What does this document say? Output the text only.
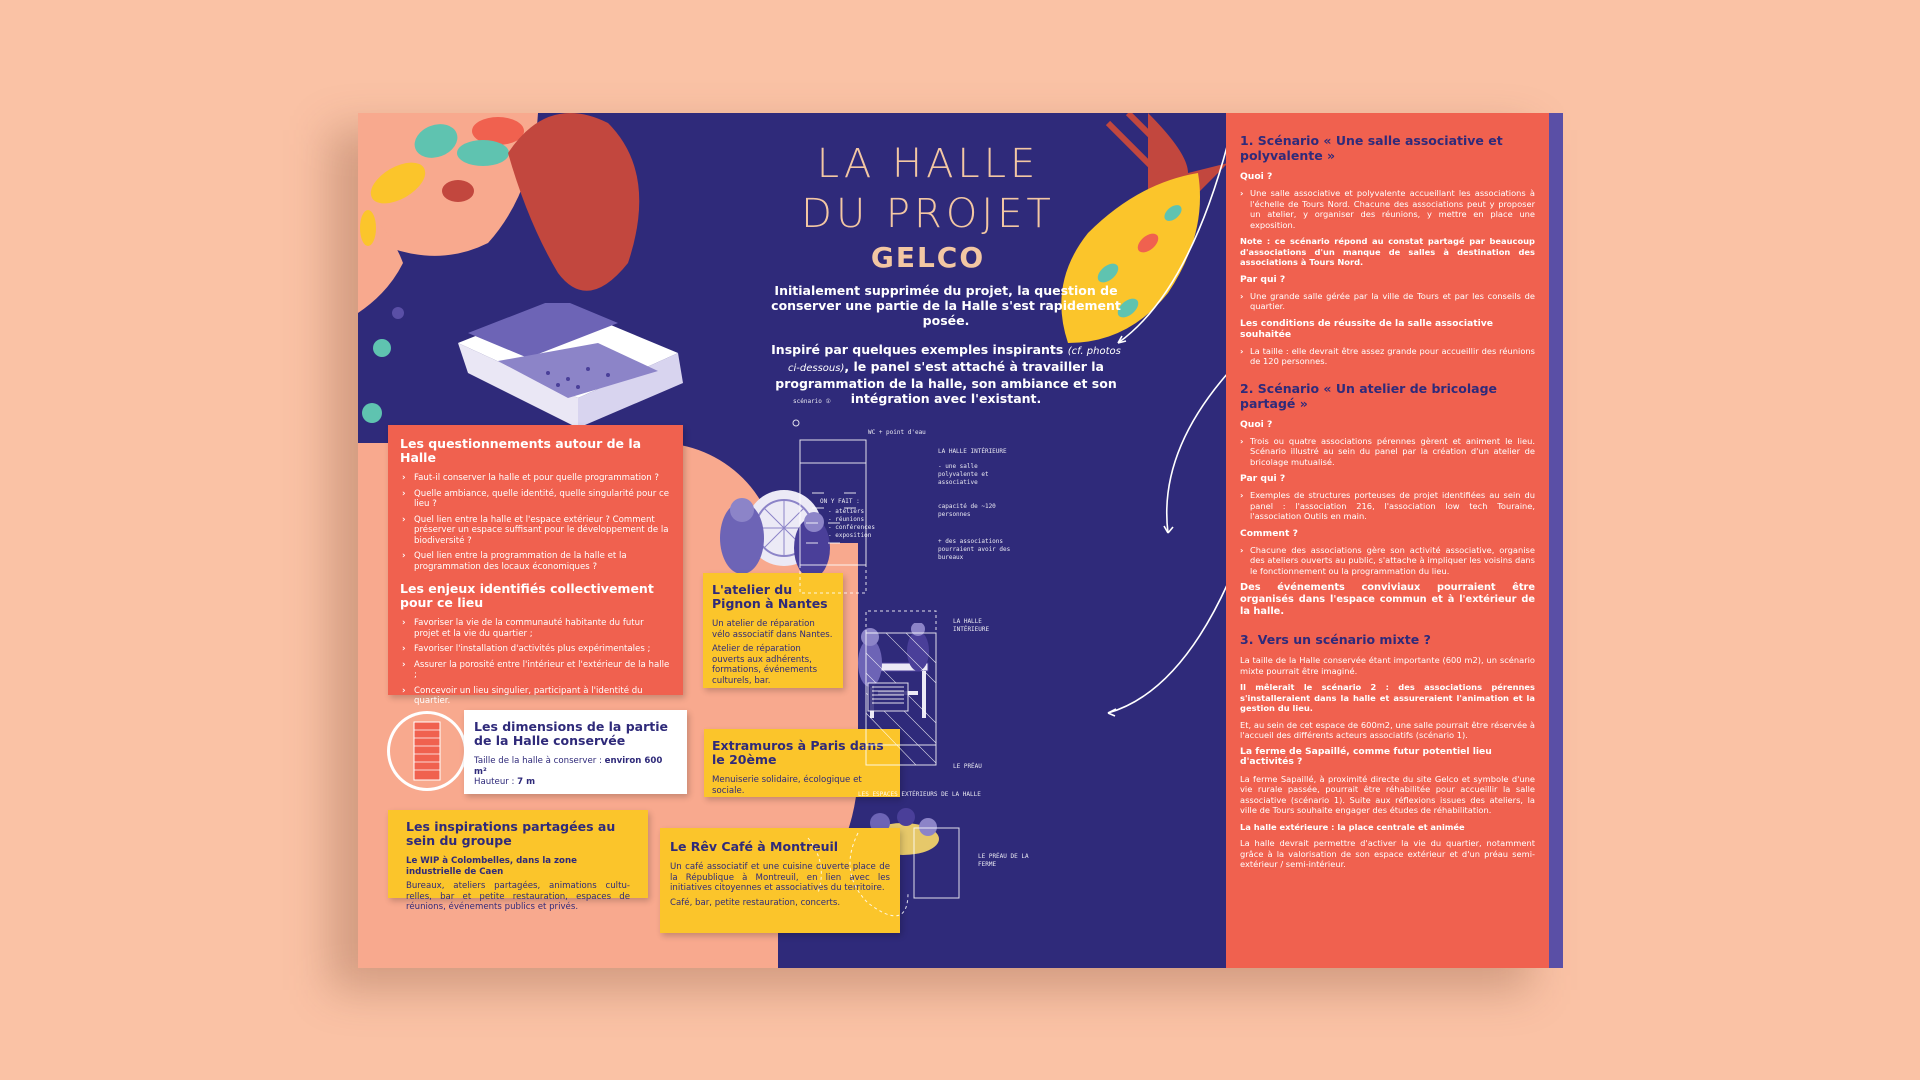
LA HALLE
DU PROJET
GELCO

Initialement supprimée du projet, la question de conserver une partie de la Halle s'est rapidement posée.

Inspiré par quelques exemples inspirants (cf. photos ci-dessous), le panel s'est attaché à travailler la programmation de la halle, son ambiance et son intégration avec l'existant.

Les questionnements autour de la Halle
› Faut-il conserver la halle et pour quelle programmation ?
› Quelle ambiance, quelle identité, quelle singularité pour ce lieu ?
› Quel lien entre la halle et l'espace extérieur ? Comment préserver un espace suffisant pour le développement de la biodiversité ?
› Quel lien entre la programmation de la halle et la programmation des locaux économiques ?
Les enjeux identifiés collectivement pour ce lieu
› Favoriser la vie de la communauté habitante du futur projet et la vie du quartier ;
› Favoriser l'installation d'activités plus expérimentales ;
› Assurer la porosité entre l'intérieur et l'extérieur de la halle ;
› Concevoir un lieu singulier, participant à l'identité du quartier.
Les dimensions de la partie de la Halle conservée

Taille de la halle à conserver : environ 600 m²
Hauteur : 7 m

Les inspirations partagées au sein du groupe

Le WIP à Colombelles, dans la zone industrielle de Caen

Bureaux, ateliers partagées, animations cultu-relles, bar et petite restauration, espaces de réunions, événements publics et privés.

L'atelier du Pignon à Nantes

Un atelier de réparation vélo associatif dans Nantes.

Atelier de réparation ouverts aux adhérents, formations, événements culturels, bar.

Extramuros à Paris dans le 20ème

Menuiserie solidaire, écologique et sociale.

Le Rêv Café à Montreuil

Un café associatif et une cuisine ouverte place de la République à Montreuil, en lien avec les initiatives citoyennes et associatives du territoire.

Café, bar, petite restauration, concerts.

scénario ①
WC + point d'eau
LA HALLE INTÉRIEURE
- une salle polyvalente et associative
ON Y FAIT :
- ateliers
- réunions
- conférences
- exposition
capacité de ~120 personnes
+ des associations pourraient avoir des bureaux
LA HALLE INTÉRIEURE
LE PRÉAU
LES ESPACES EXTÉRIEURS DE LA HALLE
LE PRÉAU DE LA FERME
1. Scénario « Une salle associative et polyvalente »
Quoi ?
› Une salle associative et polyvalente accueillant les associations à l'échelle de Tours Nord. Chacune des associations peut y proposer un atelier, y organiser des réunions, y mettre en place une exposition.

Note : ce scénario répond au constat partagé par beaucoup d'associations d'un manque de salles à destination des associations à Tours Nord.

Par qui ?
› Une grande salle gérée par la ville de Tours et par les conseils de quartier.
Les conditions de réussite de la salle associative souhaitée
› La taille : elle devrait être assez grande pour accueillir des réunions de 120 personnes.
2. Scénario « Un atelier de bricolage partagé »
Quoi ?
› Trois ou quatre associations pérennes gèrent et animent le lieu. Scénario illustré au sein du panel par la création d'un atelier de bricolage mutualisé.
Par qui ?
› Exemples de structures porteuses de projet identifiées au sein du panel : l'association 216, l'association low tech Touraine, l'association Outils en main.
Comment ?
› Chacune des associations gère son activité associative, organise des ateliers ouverts au public, s'attache à impliquer les voisins dans le fonctionnement ou la programmation du lieu.

Des événements conviviaux pourraient être organisés dans l'espace commun et à l'extérieur de la halle.

3. Vers un scénario mixte ?

La taille de la Halle conservée étant importante (600 m2), un scénario mixte pourrait être imaginé.

Il mêlerait le scénario 2 : des associations pérennes s'installeraient dans la halle et assureraient l'animation et la gestion du lieu.

Et, au sein de cet espace de 600m2, une salle pourrait être réservée à l'accueil des différents acteurs associatifs (scénario 1).

La ferme de Sapaillé, comme futur potentiel lieu d'activités ?

La ferme Sapaillé, à proximité directe du site Gelco et symbole d'une vie rurale passée, pourrait être réhabilitée pour accueillir la salle associative (scénario 1). Suite aux réflexions issues des ateliers, la ville de Tours souhaite engager des études de réhabilitation.

La halle extérieure : la place centrale et animée

La halle devrait permettre d'activer la vie du quartier, notamment grâce à la valorisation de son espace extérieur et d'un préau semi-extérieur / semi-intérieur.
